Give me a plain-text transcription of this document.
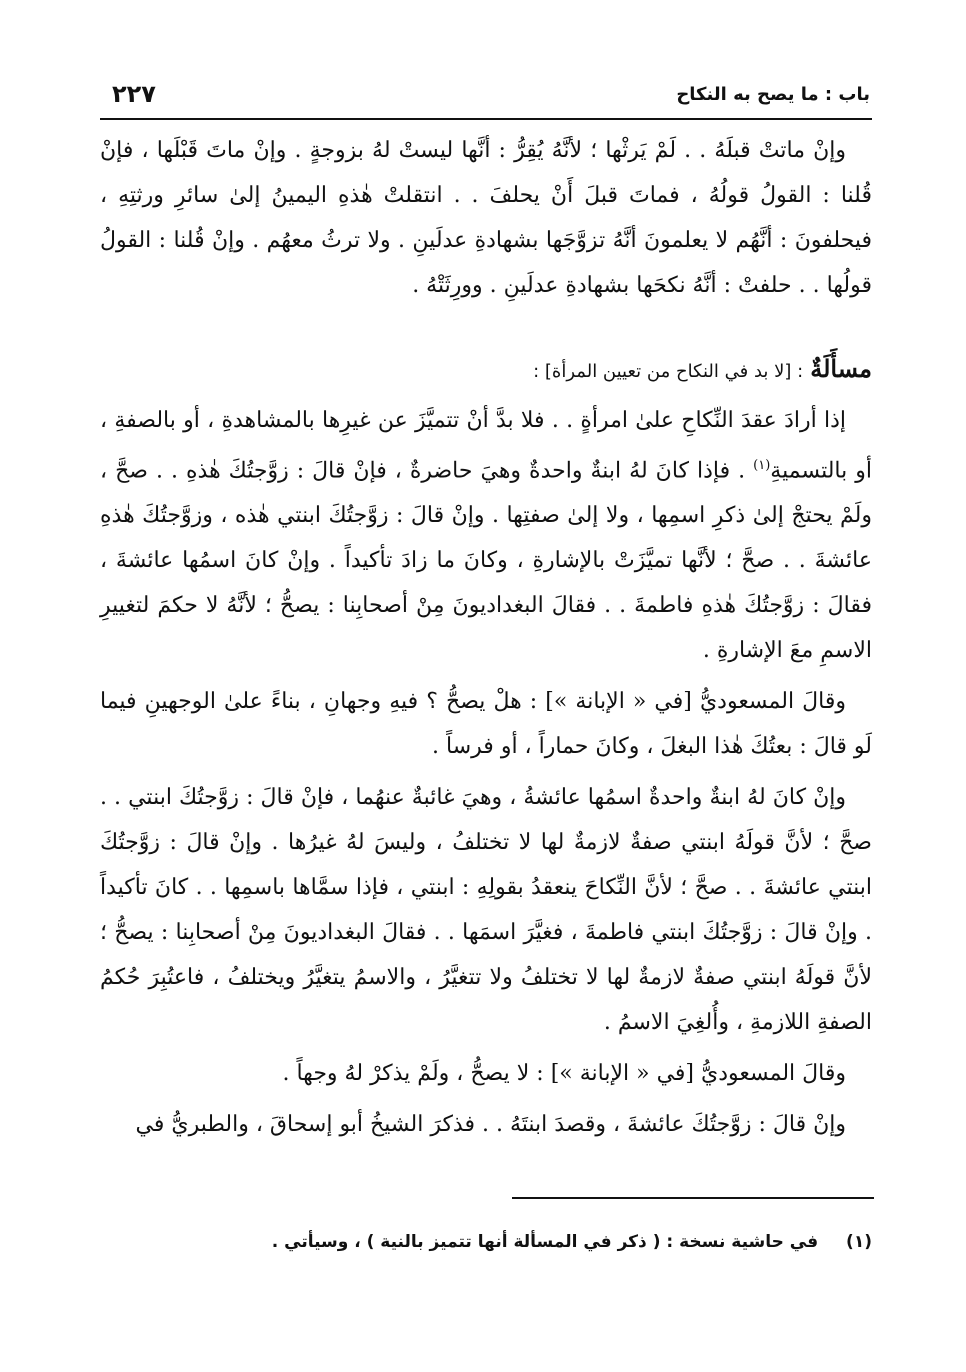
باب : ما يصح به النكاح
٢٢٧

وإنْ ماتتْ قبلَهُ . . لَمْ يَرثْها ؛ لأنَّهُ يُقِرُّ : أنَّها ليستْ لهُ بزوجةٍ . وإنْ ماتَ قَبْلَها ، فإنْ قُلنا : القولُ قولُهُ ، فماتَ قبلَ أَنْ يحلفَ . . انتقلتْ هٰذهِ اليمينُ إلىٰ سائرِ ورثتِهِ ، فيحلفونَ : أنَّهُم لا يعلمونَ أنَّهُ تزوَّجَها بشهادةِ عدلَينِ . ولا ترثُ معهُم . وإنْ قُلنا : القولُ قولُها . . حلفتْ : أنَّهُ نكحَها بشهادةِ عدلَينِ . وورِثَتْهُ .

مسأَلَةٌ : [لا بد في النكاح من تعيين المرأة] :

إذا أرادَ عقدَ النِّكاحِ علىٰ امرأةٍ . . فلا بدَّ أنْ تتميَّزَ عن غيرِها بالمشاهدةِ ، أو بالصفةِ ، أو بالتسميةِ$^{(١)}$ . فإذا كانَ لهُ ابنةٌ واحدةٌ وهيَ حاضرةٌ ، فإنْ قالَ : زوَّجتُكَ هٰذهِ . . صحَّ ، ولَمْ يحتجْ إلىٰ ذكرِ اسمِها ، ولا إلىٰ صفتِها . وإنْ قالَ : زوَّجتُكَ ابنتي هٰذه ، وزوَّجتُكَ هٰذهِ عائشةَ . . صحَّ ؛ لأنَّها تميَّزَتْ بالإشارةِ ، وكانَ ما زادَ تأكيداً . وإنْ كانَ اسمُها عائشةَ ، فقالَ : زوَّجتُكَ هٰذهِ فاطمةَ . . فقالَ البغداديونَ مِنْ أصحابِنا : يصحُّ ؛ لأنَّهُ لا حكمَ لتغييرِ الاسمِ معَ الإشارةِ .

وقالَ المسعوديُّ [في « الإبانة »] : هلْ يصحُّ ؟ فيهِ وجهانِ ، بناءً علىٰ الوجهينِ فيما لَو قالَ : بعتُكَ هٰذا البغلَ ، وكانَ حماراً ، أو فرساً .

وإنْ كانَ لهُ ابنةٌ واحدةٌ اسمُها عائشةُ ، وهيَ غائبةٌ عنهُما ، فإنْ قالَ : زوَّجتُكَ ابنتي . . صحَّ ؛ لأنَّ قولَهُ ابنتي صفةٌ لازمةٌ لها لا تختلفُ ، وليسَ لهُ غيرُها . وإنْ قالَ : زوَّجتُكَ ابنتي عائشةَ . . صحَّ ؛ لأنَّ النِّكاحَ ينعقدُ بقولِهِ : ابنتي ، فإذا سمَّاها باسمِها . . كانَ تأكيداً . وإنْ قالَ : زوَّجتُكَ ابنتي فاطمةَ ، فغيَّرَ اسمَها . . فقالَ البغداديونَ مِنْ أصحابِنا : يصحُّ ؛ لأنَّ قولَهُ ابنتي صفةٌ لازمةٌ لها لا تختلفُ ولا تتغيَّرُ ، والاسمُ يتغيَّرُ ويختلفُ ، فاعتُبِرَ حُكمُ الصفةِ اللازمةِ ، وأُلغِيَ الاسمُ .

وقالَ المسعوديُّ [في « الإبانة »] : لا يصحُّ ، ولَمْ يذكرْ لهُ وجهاً .

وإنْ قالَ : زوَّجتُكَ عائشةَ ، وقصدَ ابنتَهُ . . فذكرَ الشيخُ أبو إسحاقَ ، والطبريُّ في

(١) في حاشية نسخة : ( ذكر في المسألة أنها تتميز بالنية ) ، وسيأتي .
